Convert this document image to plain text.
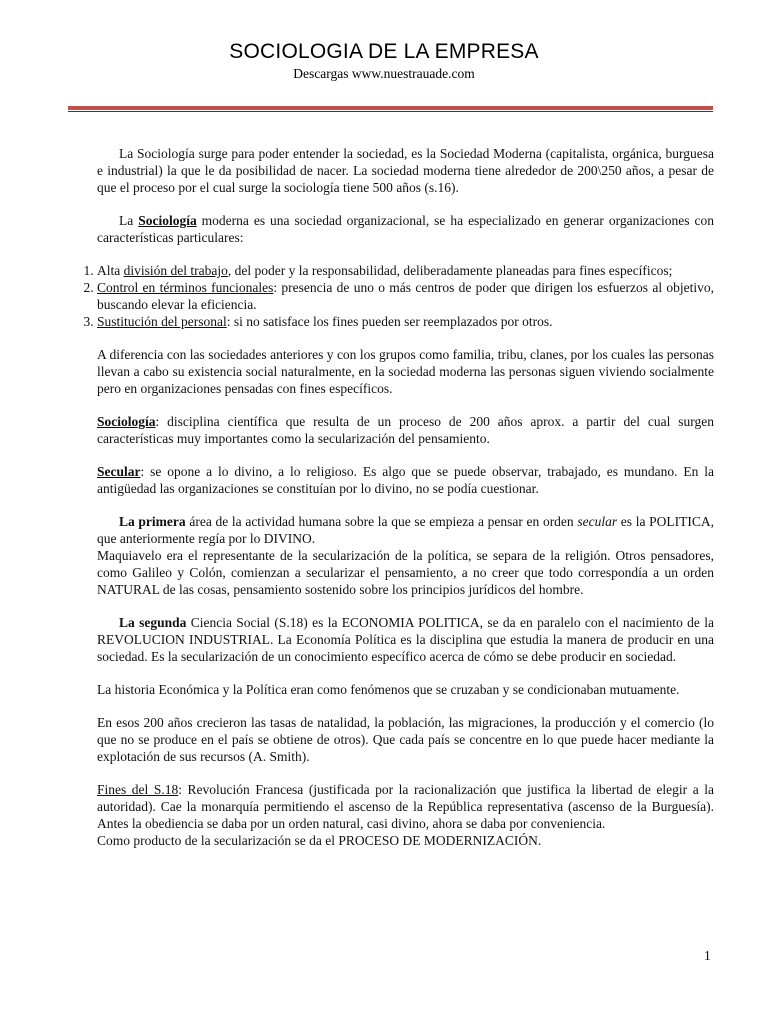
SOCIOLOGIA DE LA EMPRESA
Descargas www.nuestrauade.com

La Sociología surge para poder entender la sociedad, es la Sociedad Moderna (capitalista, orgánica, burguesa e industrial) la que le da posibilidad de nacer. La sociedad moderna tiene alrededor de 200\250 años, a pesar de que el proceso por el cual surge la sociología tiene 500 años (s.16).

La Sociología moderna es una sociedad organizacional, se ha especializado en generar organizaciones con características particulares:

1. Alta división del trabajo, del poder y la responsabilidad, deliberadamente planeadas para fines específicos;
2. Control en términos funcionales: presencia de uno o más centros de poder que dirigen los esfuerzos al objetivo, buscando elevar la eficiencia.
3. Sustitución del personal: si no satisface los fines pueden ser reemplazados por otros.

A diferencia con las sociedades anteriores y con los grupos como familia, tribu, clanes, por los cuales las personas llevan a cabo su existencia social naturalmente, en la sociedad moderna las personas siguen viviendo socialmente pero en organizaciones pensadas con fines específicos.

Sociología: disciplina científica que resulta de un proceso de 200 años aprox. a partir del cual surgen características muy importantes como la secularización del pensamiento.

Secular: se opone a lo divino, a lo religioso. Es algo que se puede observar, trabajado, es mundano. En la antigüedad las organizaciones se constituían por lo divino, no se podía cuestionar.

La primera área de la actividad humana sobre la que se empieza a pensar en orden secular es la POLITICA, que anteriormente regía por lo DIVINO.
Maquiavelo era el representante de la secularización de la política, se separa de la religión. Otros pensadores, como Galileo y Colón, comienzan a secularizar el pensamiento, a no creer que todo correspondía a un orden NATURAL de las cosas, pensamiento sostenido sobre los principios jurídicos del hombre.

La segunda Ciencia Social (S.18) es la ECONOMIA POLITICA, se da en paralelo con el nacimiento de la REVOLUCION INDUSTRIAL. La Economía Política es la disciplina que estudia la manera de producir en una sociedad. Es la secularización de un conocimiento específico acerca de cómo se debe producir en sociedad.

La historia Económica y la Política eran como fenómenos que se cruzaban y se condicionaban mutuamente.

En esos 200 años crecieron las tasas de natalidad, la población, las migraciones, la producción y el comercio (lo que no se produce en el país se obtiene de otros). Que cada país se concentre en lo que puede hacer mediante la explotación de sus recursos (A. Smith).

Fines del S.18: Revolución Francesa (justificada por la racionalización que justifica la libertad de elegir a la autoridad). Cae la monarquía permitiendo el ascenso de la República representativa (ascenso de la Burguesía). Antes la obediencia se daba por un orden natural, casi divino, ahora se daba por conveniencia.
Como producto de la secularización se da el PROCESO DE MODERNIZACIÓN.

1
